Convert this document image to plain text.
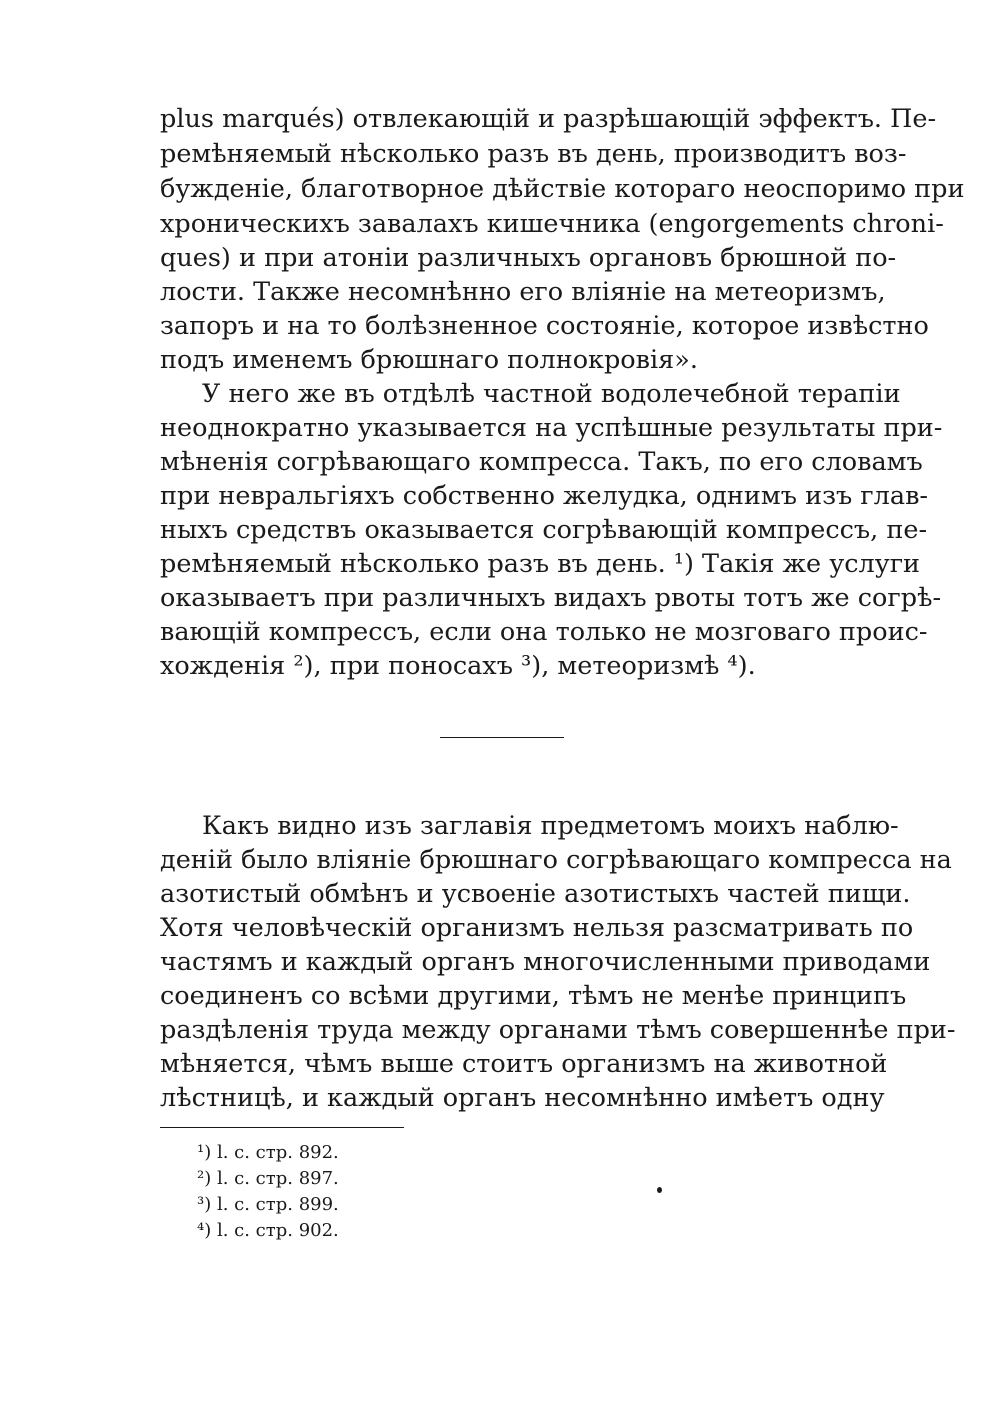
plus marqués) отвлекающій и разрѣшающій эффектъ. Пе-
ремѣняемый нѣсколько разъ въ день, производитъ воз-
бужденіе, благотворное дѣйствіе котораго неоспоримо при
хроническихъ завалахъ кишечника (engorgements chroni-
ques) и при атоніи различныхъ органовъ брюшной по-
лости. Также несомнѣнно его вліяніе на метеоризмъ,
запоръ и на то болѣзненное состояніе, которое извѣстно
подъ именемъ брюшнаго полнокровія».
У него же въ отдѣлѣ частной водолечебной терапіи
неоднократно указывается на успѣшные результаты при-
мѣненія согрѣвающаго компресса. Такъ, по его словамъ
при невральгіяхъ собственно желудка, однимъ изъ глав-
ныхъ средствъ оказывается согрѣвающій компрессъ, пе-
ремѣняемый нѣсколько разъ въ день. ¹) Такія же услуги
оказываетъ при различныхъ видахъ рвоты тотъ же согрѣ-
вающій компрессъ, если она только не мозговаго проис-
хожденія ²), при поносахъ ³), метеоризмѣ ⁴).
Какъ видно изъ заглавія предметомъ моихъ наблю-
деній было вліяніе брюшнаго согрѣвающаго компресса на
азотистый обмѣнъ и усвоеніе азотистыхъ частей пищи.
Хотя человѣческій организмъ нельзя разсматривать по
частямъ и каждый органъ многочисленными приводами
соединенъ со всѣми другими, тѣмъ не менѣе принципъ
раздѣленія труда между органами тѣмъ совершеннѣе при-
мѣняется, чѣмъ выше стоитъ организмъ на животной
лѣстницѣ, и каждый органъ несомнѣнно имѣетъ одну
¹) l. c. стр. 892.
²) l. c. стр. 897.
³) l. c. стр. 899.
⁴) l. c. стр. 902.
